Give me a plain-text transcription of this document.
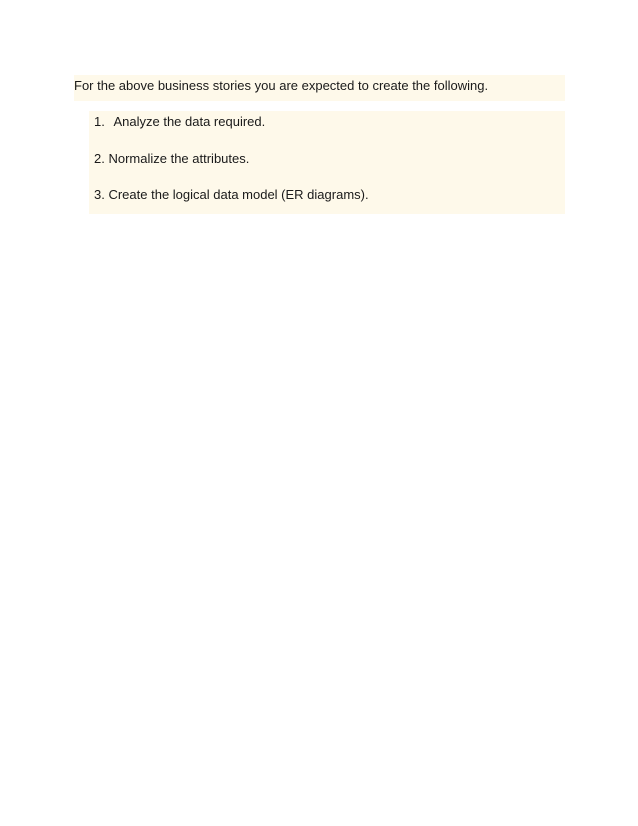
For the above business stories you are expected to create the following.
1. Analyze the data required.
2. Normalize the attributes.
3. Create the logical data model (ER diagrams).
